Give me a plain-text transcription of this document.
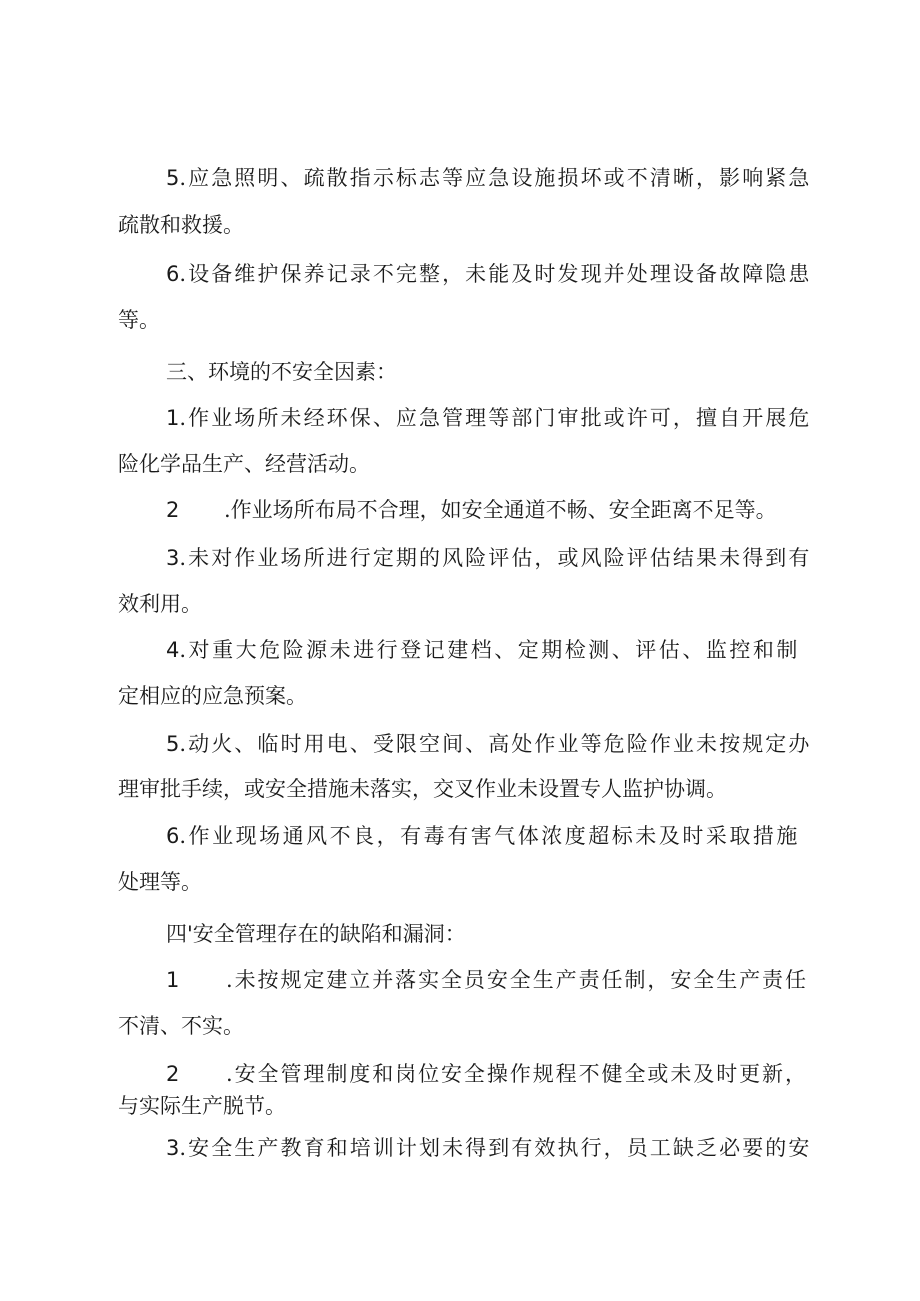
5.应急照明、疏散指示标志等应急设施损坏或不清晰，影响紧急
疏散和救援。
6.设备维护保养记录不完整，未能及时发现并处理设备故障隐患
等。
三、环境的不安全因素：
1.作业场所未经环保、应急管理等部门审批或许可，擅自开展危
险化学品生产、经营活动。
2 .作业场所布局不合理，如安全通道不畅、安全距离不足等。
3.未对作业场所进行定期的风险评估，或风险评估结果未得到有
效利用。
4.对重大危险源未进行登记建档、定期检测、评估、监控和制
定相应的应急预案。
5.动火、临时用电、受限空间、高处作业等危险作业未按规定办
理审批手续，或安全措施未落实，交叉作业未设置专人监护协调。
6.作业现场通风不良，有毒有害气体浓度超标未及时采取措施
处理等。
四'安全管理存在的缺陷和漏洞：
1 .未按规定建立并落实全员安全生产责任制，安全生产责任
不清、不实。
2 .安全管理制度和岗位安全操作规程不健全或未及时更新，
与实际生产脱节。
3.安全生产教育和培训计划未得到有效执行，员工缺乏必要的安
